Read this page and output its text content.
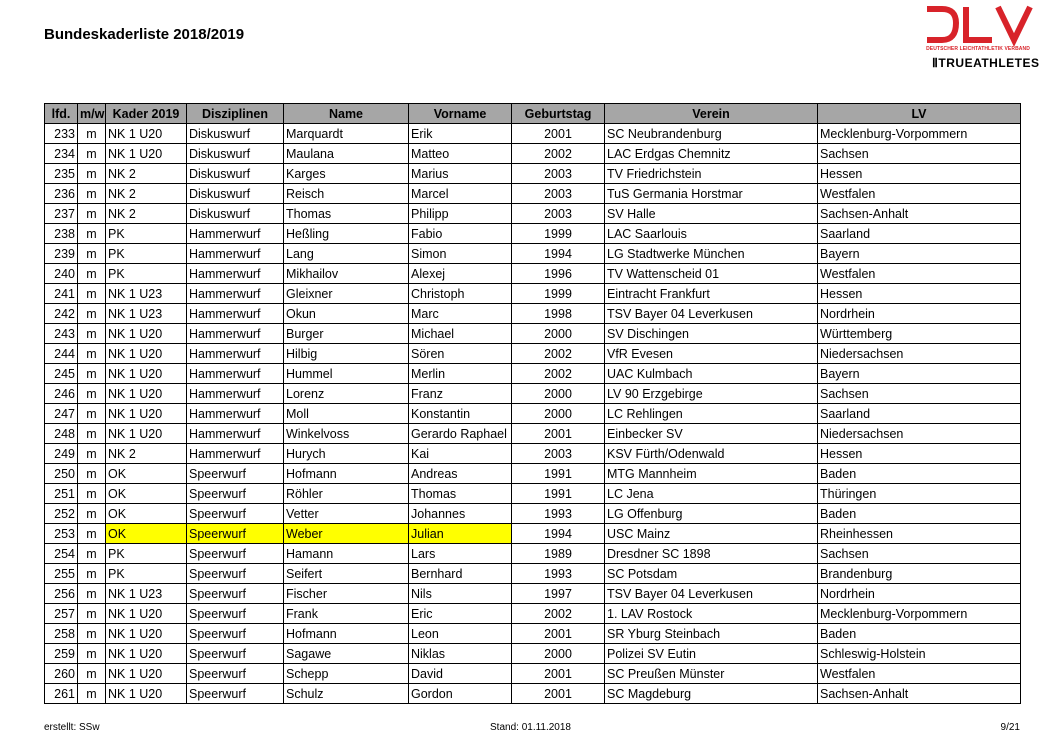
Bundeskaderliste 2018/2019
DEUTSCHER LEICHTATHLETIK VERBAND
ⅡTRUEATHLETES
lfd.	m/w	Kader 2019	Disziplinen	Name	Vorname	Geburtstag	Verein	LV
233	m	NK 1 U20	Diskuswurf	Marquardt	Erik	2001	SC Neubrandenburg	Mecklenburg-Vorpommern
234	m	NK 1 U20	Diskuswurf	Maulana	Matteo	2002	LAC Erdgas Chemnitz	Sachsen
235	m	NK 2	Diskuswurf	Karges	Marius	2003	TV Friedrichstein	Hessen
236	m	NK 2	Diskuswurf	Reisch	Marcel	2003	TuS Germania Horstmar	Westfalen
237	m	NK 2	Diskuswurf	Thomas	Philipp	2003	SV Halle	Sachsen-Anhalt
238	m	PK	Hammerwurf	Heßling	Fabio	1999	LAC Saarlouis	Saarland
239	m	PK	Hammerwurf	Lang	Simon	1994	LG Stadtwerke München	Bayern
240	m	PK	Hammerwurf	Mikhailov	Alexej	1996	TV Wattenscheid 01	Westfalen
241	m	NK 1 U23	Hammerwurf	Gleixner	Christoph	1999	Eintracht Frankfurt	Hessen
242	m	NK 1 U23	Hammerwurf	Okun	Marc	1998	TSV Bayer 04 Leverkusen	Nordrhein
243	m	NK 1 U20	Hammerwurf	Burger	Michael	2000	SV Dischingen	Württemberg
244	m	NK 1 U20	Hammerwurf	Hilbig	Sören	2002	VfR Evesen	Niedersachsen
245	m	NK 1 U20	Hammerwurf	Hummel	Merlin	2002	UAC Kulmbach	Bayern
246	m	NK 1 U20	Hammerwurf	Lorenz	Franz	2000	LV 90 Erzgebirge	Sachsen
247	m	NK 1 U20	Hammerwurf	Moll	Konstantin	2000	LC Rehlingen	Saarland
248	m	NK 1 U20	Hammerwurf	Winkelvoss	Gerardo Raphael	2001	Einbecker SV	Niedersachsen
249	m	NK 2	Hammerwurf	Hurych	Kai	2003	KSV Fürth/Odenwald	Hessen
250	m	OK	Speerwurf	Hofmann	Andreas	1991	MTG Mannheim	Baden
251	m	OK	Speerwurf	Röhler	Thomas	1991	LC Jena	Thüringen
252	m	OK	Speerwurf	Vetter	Johannes	1993	LG Offenburg	Baden
253	m	OK	Speerwurf	Weber	Julian	1994	USC Mainz	Rheinhessen
254	m	PK	Speerwurf	Hamann	Lars	1989	Dresdner SC 1898	Sachsen
255	m	PK	Speerwurf	Seifert	Bernhard	1993	SC Potsdam	Brandenburg
256	m	NK 1 U23	Speerwurf	Fischer	Nils	1997	TSV Bayer 04 Leverkusen	Nordrhein
257	m	NK 1 U20	Speerwurf	Frank	Eric	2002	1. LAV Rostock	Mecklenburg-Vorpommern
258	m	NK 1 U20	Speerwurf	Hofmann	Leon	2001	SR Yburg Steinbach	Baden
259	m	NK 1 U20	Speerwurf	Sagawe	Niklas	2000	Polizei SV Eutin	Schleswig-Holstein
260	m	NK 1 U20	Speerwurf	Schepp	David	2001	SC Preußen Münster	Westfalen
261	m	NK 1 U20	Speerwurf	Schulz	Gordon	2001	SC Magdeburg	Sachsen-Anhalt
erstellt: SSw	Stand: 01.11.2018	9/21
